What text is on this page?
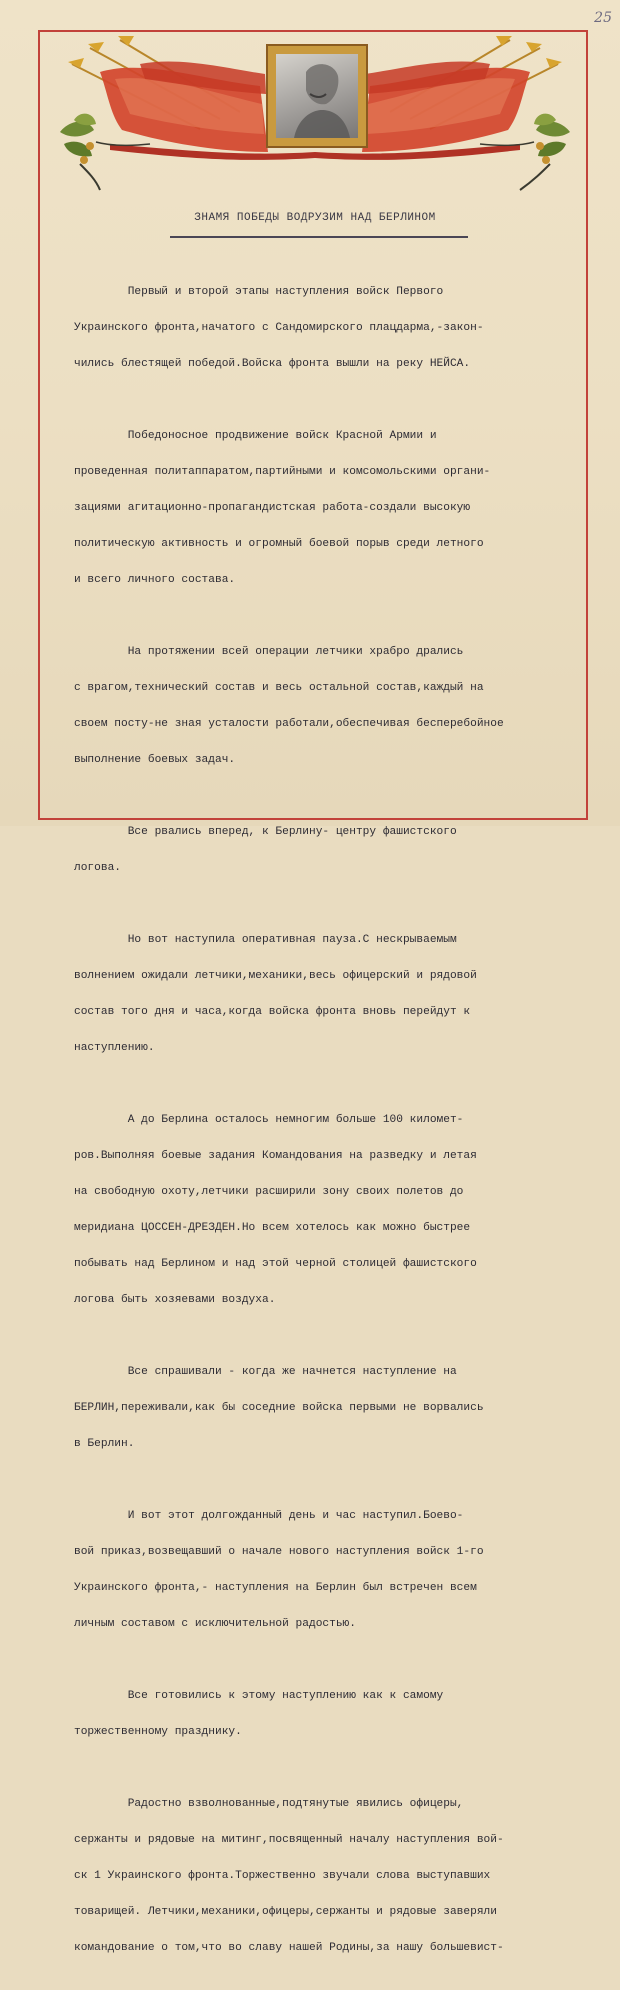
25
ЗНАМЯ ПОБЕДЫ ВОДРУЗИМ НАД БЕРЛИНОМ

Первый и второй этапы наступления войск Первого

Украинского фронта,начатого с Сандомирского плацдарма,-закон-

чились блестящей победой.Войска фронта вышли на реку НЕЙСА.

Победоносное продвижение войск Красной Армии и

проведенная политаппаратом,партийными и комсомольскими органи-

зациями агитационно-пропагандистская работа-создали высокую

политическую активность и огромный боевой порыв среди летного

и всего личного состава.

На протяжении всей операции летчики храбро дрались

с врагом,технический состав и весь остальной состав,каждый на

своем посту-не зная усталости работали,обеспечивая бесперебойное

выполнение боевых задач.

Все рвались вперед, к Берлину- центру фашистского

логова.

Но вот наступила оперативная пауза.С нескрываемым

волнением ожидали летчики,механики,весь офицерский и рядовой

состав того дня и часа,когда войска фронта вновь перейдут к

наступлению.

А до Берлина осталось немногим больше 100 километ-

ров.Выполняя боевые задания Командования на разведку и летая

на свободную охоту,летчики расширили зону своих полетов до

меридиана ЦОССЕН-ДРЕЗДЕН.Но всем хотелось как можно быстрее

побывать над Берлином и над этой черной столицей фашистского

логова быть хозяевами воздуха.

Все спрашивали - когда же начнется наступление на

БЕРЛИН,переживали,как бы соседние войска первыми не ворвались

в Берлин.

И вот этот долгожданный день и час наступил.Боево-

вой приказ,возвещавший о начале нового наступления войск 1-го

Украинского фронта,- наступления на Берлин был встречен всем

личным составом с исключительной радостью.

Все готовились к этому наступлению как к самому

торжественному празднику.

Радостно взволнованные,подтянутые явились офицеры,

сержанты и рядовые на митинг,посвященный началу наступления вой-

ск 1 Украинского фронта.Торжественно звучали слова выступавших

товарищей. Летчики,механики,офицеры,сержанты и рядовые заверяли

командование о том,что во славу нашей Родины,за нашу большевист-
